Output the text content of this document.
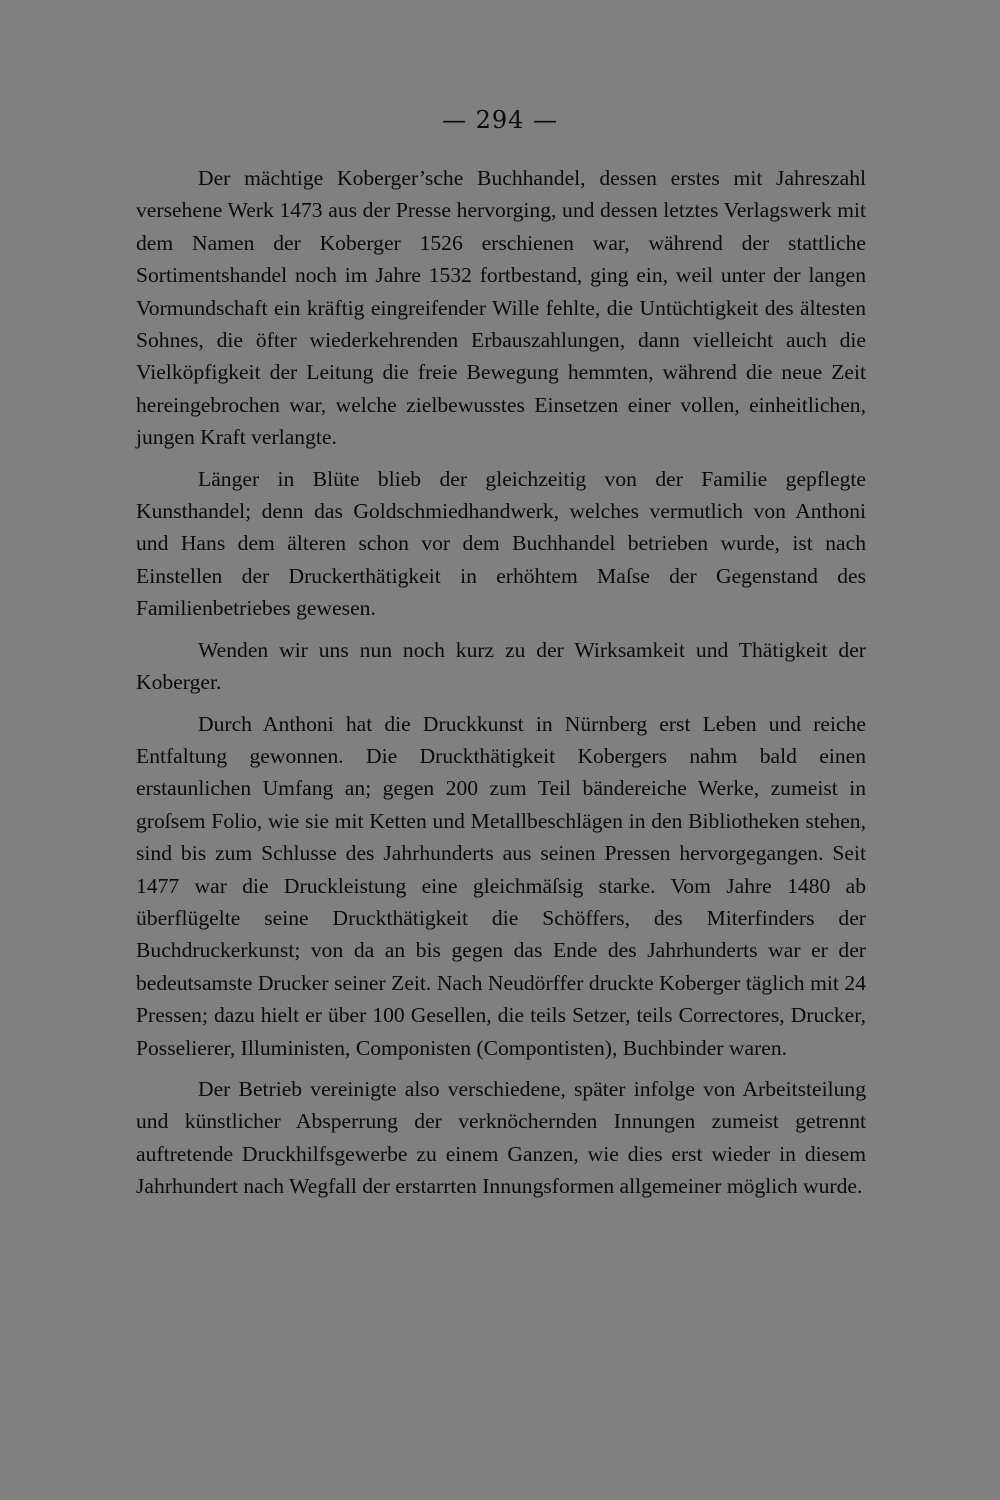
— 294 —

Der mächtige Koberger’sche Buchhandel, dessen erstes mit Jahreszahl versehene Werk 1473 aus der Presse hervorging, und dessen letztes Verlagswerk mit dem Namen der Koberger 1526 erschienen war, während der stattliche Sortimentshandel noch im Jahre 1532 fortbestand, ging ein, weil unter der langen Vormundschaft ein kräftig eingreifender Wille fehlte, die Untüchtigkeit des ältesten Sohnes, die öfter wiederkehrenden Erbauszahlungen, dann vielleicht auch die Vielköpfigkeit der Leitung die freie Bewegung hemmten, während die neue Zeit hereingebrochen war, welche zielbewusstes Einsetzen einer vollen, einheitlichen, jungen Kraft verlangte.

Länger in Blüte blieb der gleichzeitig von der Familie gepflegte Kunsthandel; denn das Goldschmiedhandwerk, welches vermutlich von Anthoni und Hans dem älteren schon vor dem Buchhandel betrieben wurde, ist nach Einstellen der Druckerthätigkeit in erhöhtem Maſse der Gegenstand des Familienbetriebes gewesen.

Wenden wir uns nun noch kurz zu der Wirksamkeit und Thätigkeit der Koberger.

Durch Anthoni hat die Druckkunst in Nürnberg erst Leben und reiche Entfaltung gewonnen. Die Druckthätigkeit Kobergers nahm bald einen erstaunlichen Umfang an; gegen 200 zum Teil bändereiche Werke, zumeist in groſsem Folio, wie sie mit Ketten und Metallbeschlägen in den Bibliotheken stehen, sind bis zum Schlusse des Jahrhunderts aus seinen Pressen hervorgegangen. Seit 1477 war die Druckleistung eine gleichmäſsig starke. Vom Jahre 1480 ab überflügelte seine Druckthätigkeit die Schöffers, des Miterfinders der Buchdruckerkunst; von da an bis gegen das Ende des Jahrhunderts war er der bedeutsamste Drucker seiner Zeit. Nach Neudörffer druckte Koberger täglich mit 24 Pressen; dazu hielt er über 100 Gesellen, die teils Setzer, teils Correctores, Drucker, Posselierer, Illuministen, Componisten (Compontisten), Buchbinder waren.

Der Betrieb vereinigte also verschiedene, später infolge von Arbeitsteilung und künstlicher Absperrung der verknöchernden Innungen zumeist getrennt auftretende Druckhilfsgewerbe zu einem Ganzen, wie dies erst wieder in diesem Jahrhundert nach Wegfall der erstarrten Innungsformen allgemeiner möglich wurde.
